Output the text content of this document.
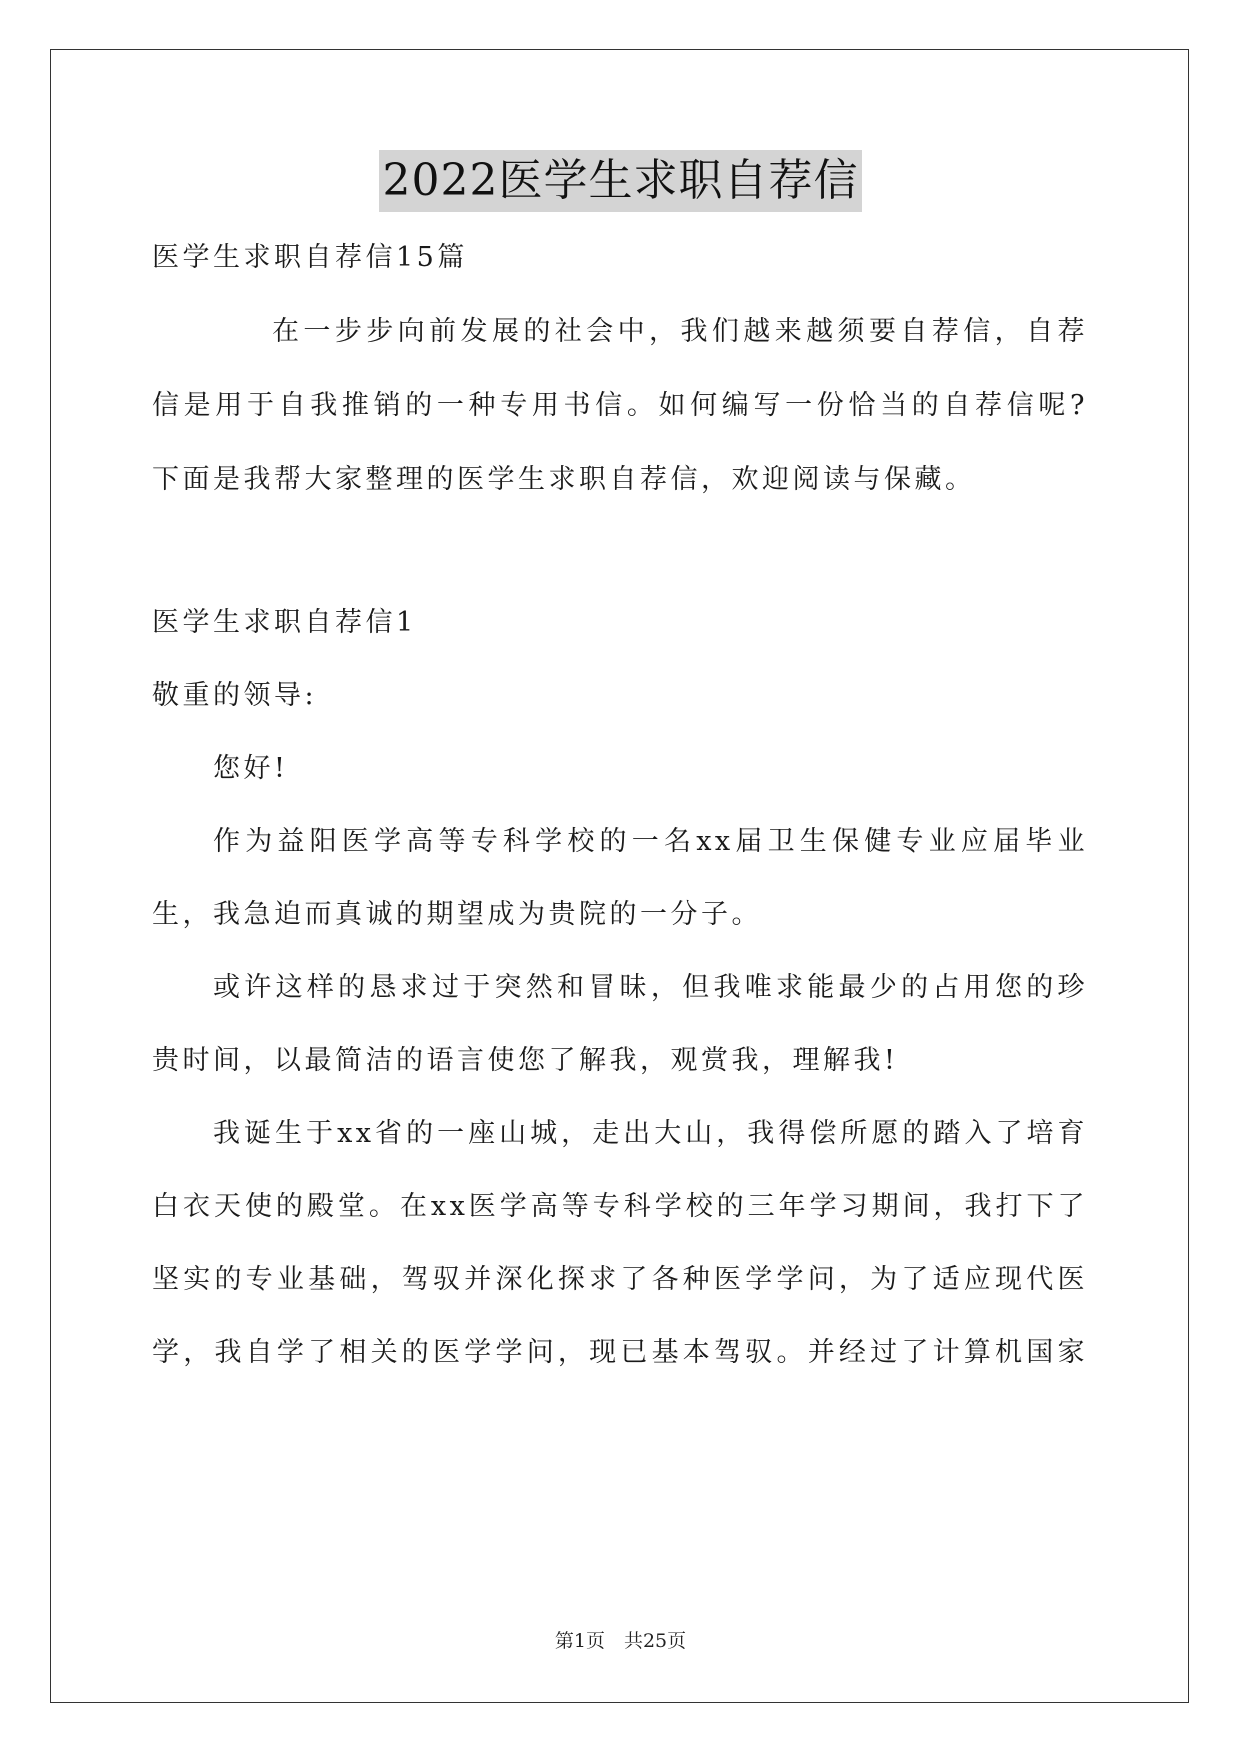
2022医学生求职自荐信
医学生求职自荐信15篇
在一步步向前发展的社会中，我们越来越须要自荐信，自荐
信是用于自我推销的一种专用书信。如何编写一份恰当的自荐信呢?
下面是我帮大家整理的医学生求职自荐信，欢迎阅读与保藏。
医学生求职自荐信1
敬重的领导:
您好!
作为益阳医学高等专科学校的一名xx届卫生保健专业应届毕业
生，我急迫而真诚的期望成为贵院的一分子。
或许这样的恳求过于突然和冒昧，但我唯求能最少的占用您的珍
贵时间，以最简洁的语言使您了解我，观赏我，理解我!
我诞生于xx省的一座山城，走出大山，我得偿所愿的踏入了培育
白衣天使的殿堂。在xx医学高等专科学校的三年学习期间，我打下了
坚实的专业基础，驾驭并深化探求了各种医学学问，为了适应现代医
学，我自学了相关的医学学问，现已基本驾驭。并经过了计算机国家
第1页　共25页
